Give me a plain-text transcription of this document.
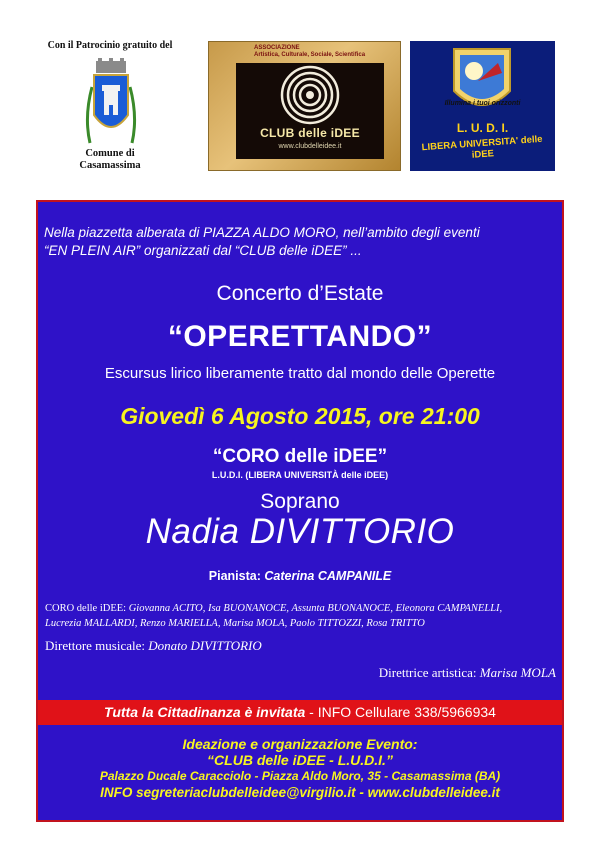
Con il Patrocinio gratuito del
Comune di
Casamassima
ASSOCIAZIONE
Artistica, Culturale, Sociale, Scientifica
CLUB delle iDEE
www.clubdelleidee.it
Illumina i tuoi orizzonti
L. U. D. I.
LIBERA UNIVERSITA' delle iDEE
Nella piazzetta alberata di PIAZZA ALDO MORO, nell’ambito degli eventi
“EN PLEIN AIR” organizzati dal “CLUB delle iDEE” ...
Concerto d’Estate
“OPERETTANDO”
Escursus lirico liberamente tratto dal mondo delle Operette
Giovedì 6 Agosto 2015, ore 21:00
“CORO delle iDEE”
L.U.D.I. (LIBERA UNIVERSITÀ delle iDEE)
Soprano
Nadia DIVITTORIO
Pianista: Caterina CAMPANILE
CORO delle iDEE: Giovanna ACITO, Isa BUONANOCE, Assunta BUONANOCE, Eleonora CAMPANELLI,
Lucrezia MALLARDI, Renzo MARIELLA, Marisa MOLA, Paolo TITTOZZI, Rosa TRITTO
Direttore musicale: Donato DIVITTORIO
Direttrice artistica: Marisa MOLA
Tutta la Cittadinanza è invitata - INFO Cellulare 338/5966934
Ideazione e organizzazione Evento:
“CLUB delle iDEE - L.U.D.I.”
Palazzo Ducale Caracciolo - Piazza Aldo Moro, 35 - Casamassima (BA)
INFO segreteriaclubdelleidee@virgilio.it - www.clubdelleidee.it
